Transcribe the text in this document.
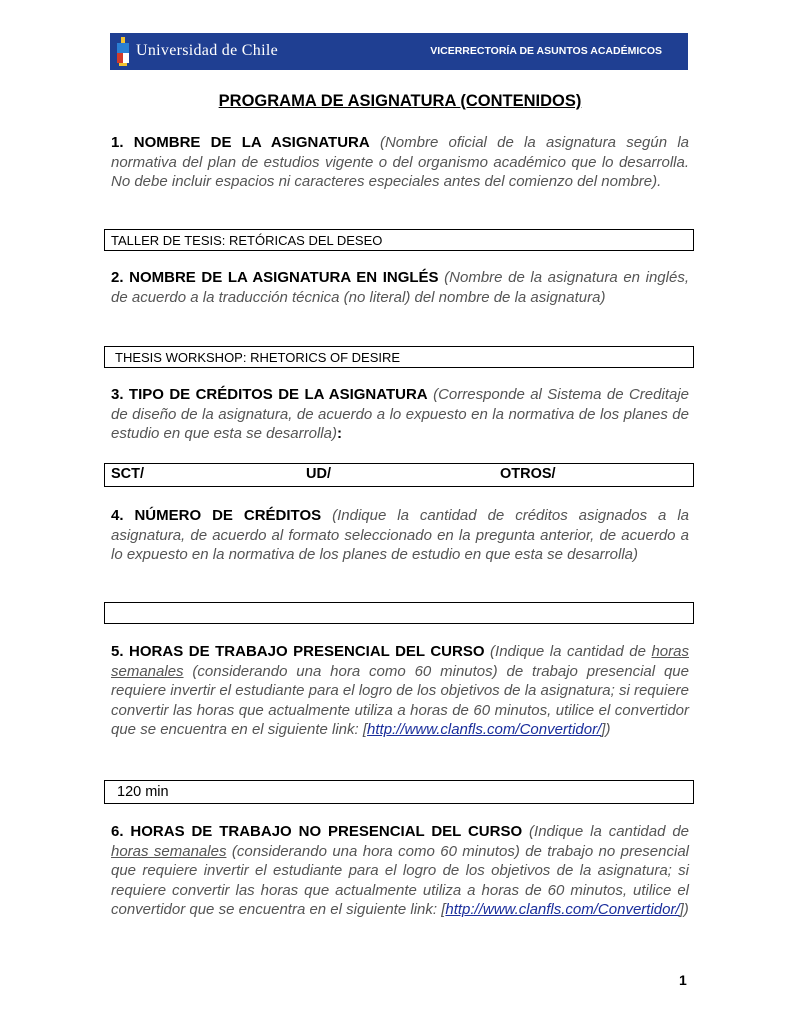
Universidad de Chile	VICERRECTORÍA DE ASUNTOS ACADÉMICOS
PROGRAMA DE ASIGNATURA (CONTENIDOS)
1. NOMBRE DE LA ASIGNATURA (Nombre oficial de la asignatura según la normativa del plan de estudios vigente o del organismo académico que lo desarrolla. No debe incluir espacios ni caracteres especiales antes del comienzo del nombre).
TALLER DE TESIS: RETÓRICAS DEL DESEO
2. NOMBRE DE LA ASIGNATURA EN INGLÉS (Nombre de la asignatura en inglés, de acuerdo a la traducción técnica (no literal) del nombre de la asignatura)
THESIS WORKSHOP: RHETORICS OF DESIRE
3. TIPO DE CRÉDITOS DE LA ASIGNATURA (Corresponde al Sistema de Creditaje de diseño de la asignatura, de acuerdo a lo expuesto en la normativa de los planes de estudio en que esta se desarrolla):
SCT/	UD/	OTROS/
4. NÚMERO DE CRÉDITOS (Indique la cantidad de créditos asignados a la asignatura, de acuerdo al formato seleccionado en la pregunta anterior, de acuerdo a lo expuesto en la normativa de los planes de estudio en que esta se desarrolla)
5. HORAS DE TRABAJO PRESENCIAL DEL CURSO (Indique la cantidad de horas semanales (considerando una hora como 60 minutos) de trabajo presencial que requiere invertir el estudiante para el logro de los objetivos de la asignatura; si requiere convertir las horas que actualmente utiliza a horas de 60 minutos, utilice el convertidor que se encuentra en el siguiente link: [http://www.clanfls.com/Convertidor/])
120 min
6. HORAS DE TRABAJO NO PRESENCIAL DEL CURSO (Indique la cantidad de horas semanales (considerando una hora como 60 minutos) de trabajo no presencial que requiere invertir el estudiante para el logro de los objetivos de la asignatura; si requiere convertir las horas que actualmente utiliza a horas de 60 minutos, utilice el convertidor que se encuentra en el siguiente link: [http://www.clanfls.com/Convertidor/])
1
